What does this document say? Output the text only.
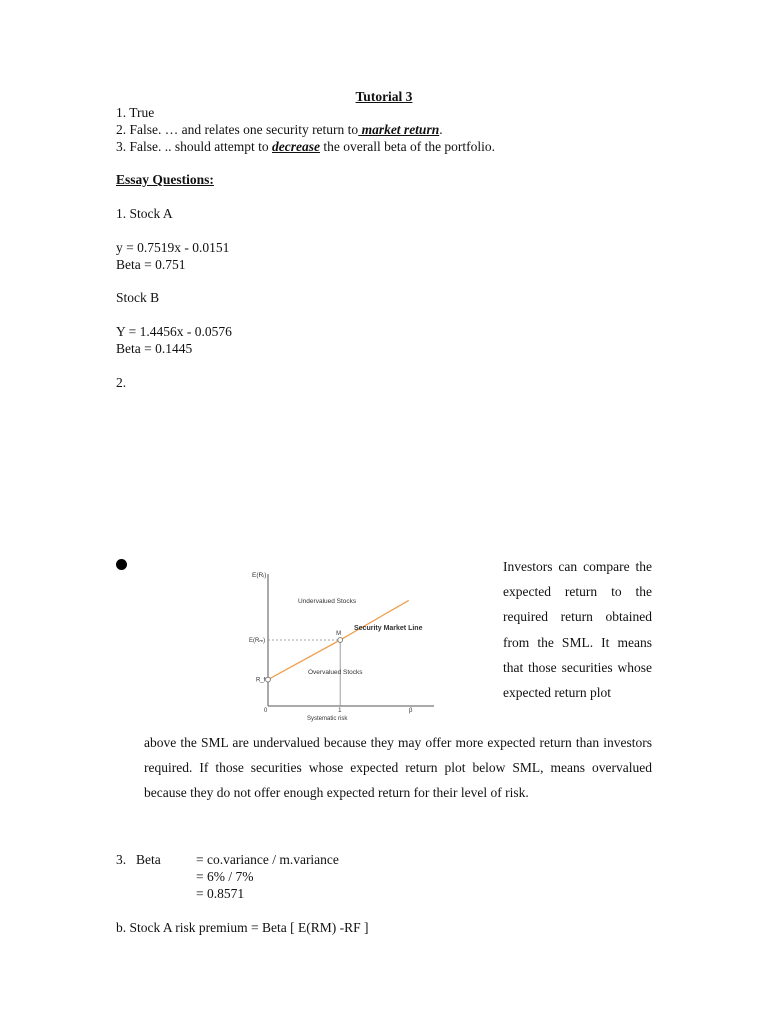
Tutorial 3
1. True
2. False. … and relates one security return to market return.
3. False. .. should attempt to decrease the overall beta of the portfolio.
Essay Questions:
1. Stock A
y = 0.7519x - 0.0151
Beta = 0.751
Stock B
Y = 1.4456x - 0.0576
Beta = 0.1445
2.
E(Rᵢ)
E(Rₘ)
R_f
0	1	β
Systematic risk
M
Security Market Line
Undervalued Stocks
Overvalued Stocks
Investors can compare the expected return to the required return obtained from the SML. It means that those securities whose expected return plot
above the SML are undervalued because they may offer more expected return than investors required. If those securities whose expected return plot below SML, means overvalued because they do not offer enough expected return for their level of risk.
3. Beta	= co.variance / m.variance
= 6% / 7%
= 0.8571
b. Stock A risk premium = Beta [ E(RM) -RF ]
